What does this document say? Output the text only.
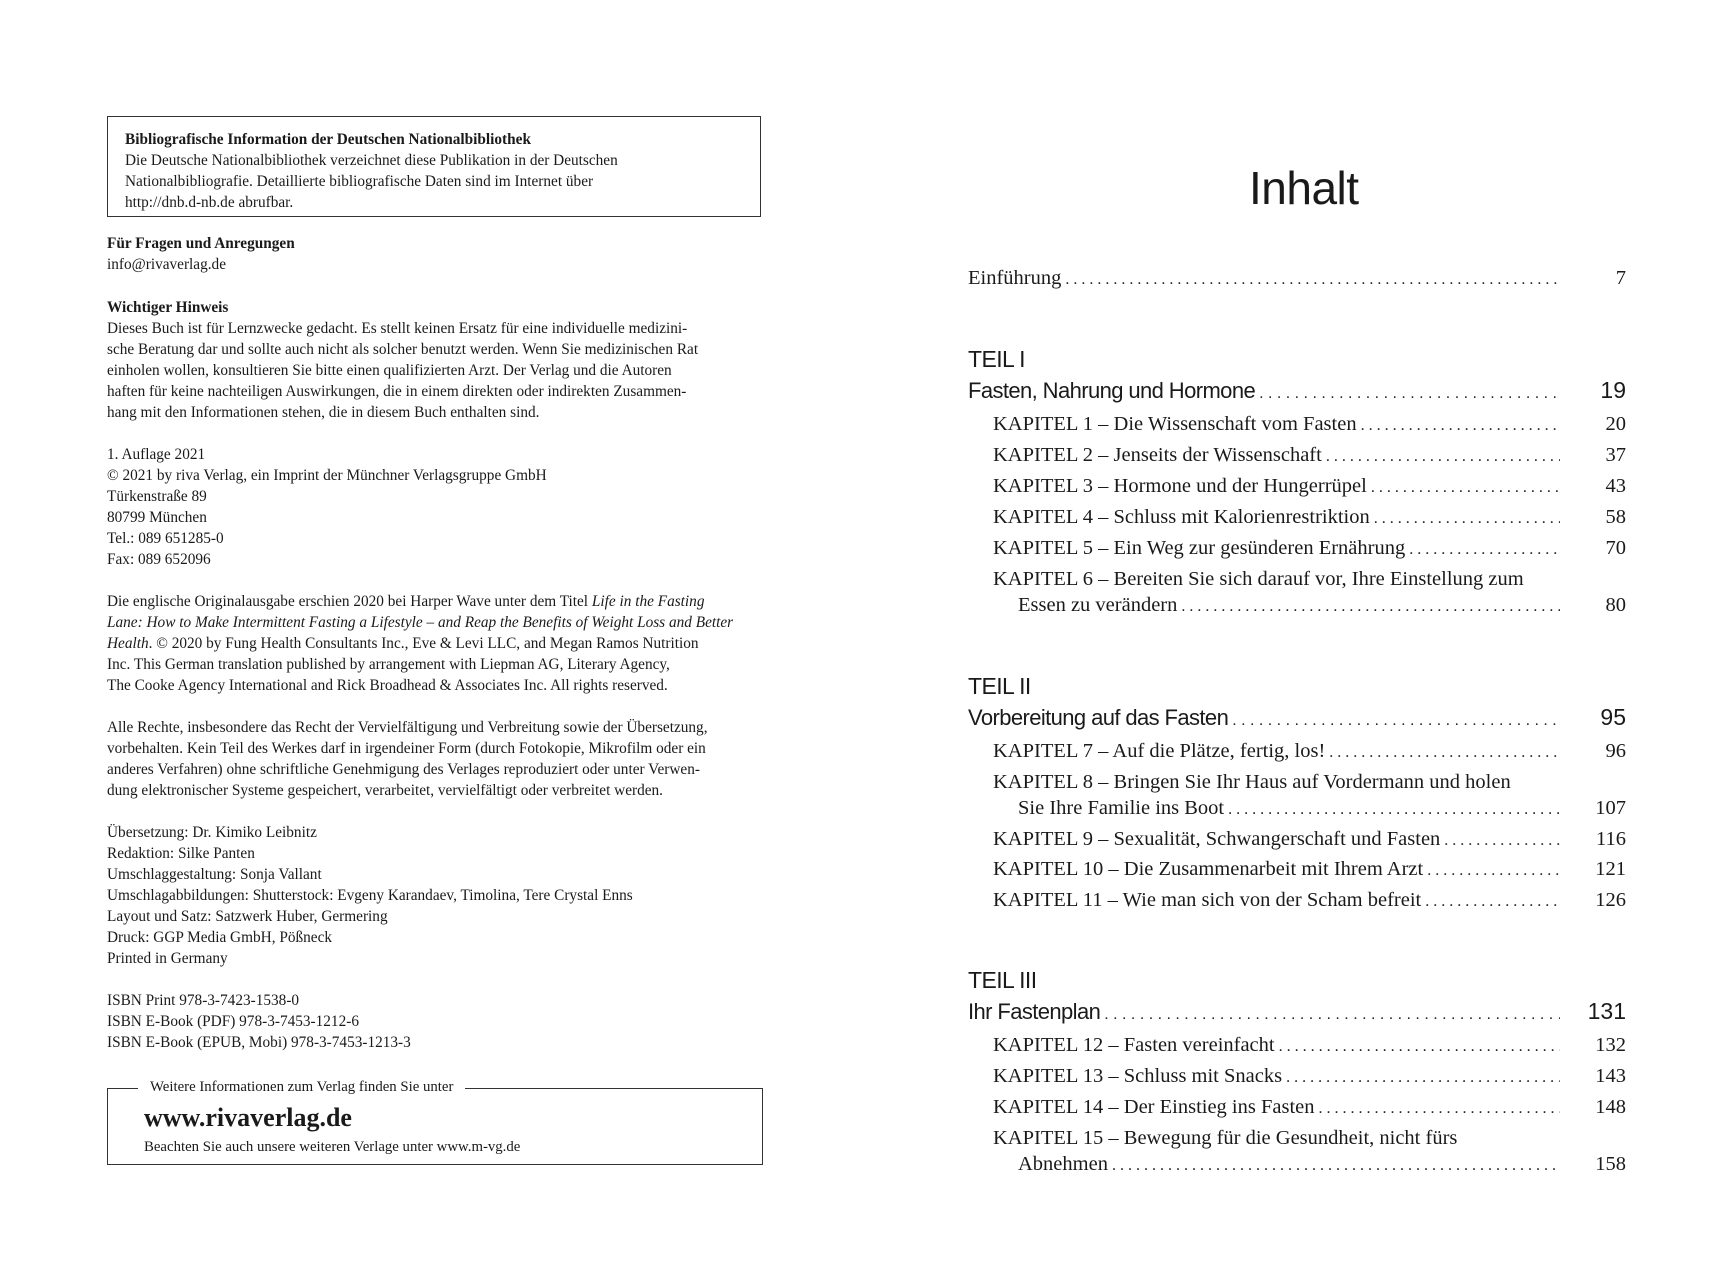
Bibliografische Information der Deutschen Nationalbibliothek
Die Deutsche Nationalbibliothek verzeichnet diese Publikation in der Deutschen
Nationalbibliografie. Detaillierte bibliografische Daten sind im Internet über
http://dnb.d-nb.de abrufbar.
Für Fragen und Anregungen
info@rivaverlag.de
Wichtiger Hinweis
Dieses Buch ist für Lernzwecke gedacht. Es stellt keinen Ersatz für eine individuelle medizini-
sche Beratung dar und sollte auch nicht als solcher benutzt werden. Wenn Sie medizinischen Rat
einholen wollen, konsultieren Sie bitte einen qualifizierten Arzt. Der Verlag und die Autoren
haften für keine nachteiligen Auswirkungen, die in einem direkten oder indirekten Zusammen-
hang mit den Informationen stehen, die in diesem Buch enthalten sind.
1. Auflage 2021
© 2021 by riva Verlag, ein Imprint der Münchner Verlagsgruppe GmbH
Türkenstraße 89
80799 München
Tel.: 089 651285-0
Fax: 089 652096
Die englische Originalausgabe erschien 2020 bei Harper Wave unter dem Titel Life in the Fasting
Lane: How to Make Intermittent Fasting a Lifestyle – and Reap the Benefits of Weight Loss and Better
Health. © 2020 by Fung Health Consultants Inc., Eve & Levi LLC, and Megan Ramos Nutrition
Inc. This German translation published by arrangement with Liepman AG, Literary Agency,
The Cooke Agency International and Rick Broadhead & Associates Inc. All rights reserved.
Alle Rechte, insbesondere das Recht der Vervielfältigung und Verbreitung sowie der Übersetzung,
vorbehalten. Kein Teil des Werkes darf in irgendeiner Form (durch Fotokopie, Mikrofilm oder ein
anderes Verfahren) ohne schriftliche Genehmigung des Verlages reproduziert oder unter Verwen-
dung elektronischer Systeme gespeichert, verarbeitet, vervielfältigt oder verbreitet werden.
Übersetzung: Dr. Kimiko Leibnitz
Redaktion: Silke Panten
Umschlaggestaltung: Sonja Vallant
Umschlagabbildungen: Shutterstock: Evgeny Karandaev, Timolina, Tere Crystal Enns
Layout und Satz: Satzwerk Huber, Germering
Druck: GGP Media GmbH, Pößneck
Printed in Germany
ISBN Print 978-3-7423-1538-0
ISBN E-Book (PDF) 978-3-7453-1212-6
ISBN E-Book (EPUB, Mobi) 978-3-7453-1213-3
Weitere Informationen zum Verlag finden Sie unter
www.rivaverlag.de
Beachten Sie auch unsere weiteren Verlage unter www.m-vg.de
Inhalt
Einführung . . .	7
TEIL I
Fasten, Nahrung und Hormone . . .	19
KAPITEL 1 – Die Wissenschaft vom Fasten . . .	20
KAPITEL 2 – Jenseits der Wissenschaft . . .	37
KAPITEL 3 – Hormone und der Hungerrüpel . . .	43
KAPITEL 4 – Schluss mit Kalorienrestriktion . . .	58
KAPITEL 5 – Ein Weg zur gesünderen Ernährung . . .	70
KAPITEL 6 – Bereiten Sie sich darauf vor, Ihre Einstellung zum
Essen zu verändern . . .	80
TEIL II
Vorbereitung auf das Fasten . . .	95
KAPITEL 7 – Auf die Plätze, fertig, los! . . .	96
KAPITEL 8 – Bringen Sie Ihr Haus auf Vordermann und holen
Sie Ihre Familie ins Boot . . .	107
KAPITEL 9 – Sexualität, Schwangerschaft und Fasten . . .	116
KAPITEL 10 – Die Zusammenarbeit mit Ihrem Arzt . . .	121
KAPITEL 11 – Wie man sich von der Scham befreit . . .	126
TEIL III
Ihr Fastenplan . . .	131
KAPITEL 12 – Fasten vereinfacht . . .	132
KAPITEL 13 – Schluss mit Snacks . . .	143
KAPITEL 14 – Der Einstieg ins Fasten . . .	148
KAPITEL 15 – Bewegung für die Gesundheit, nicht fürs
Abnehmen . . .	158
